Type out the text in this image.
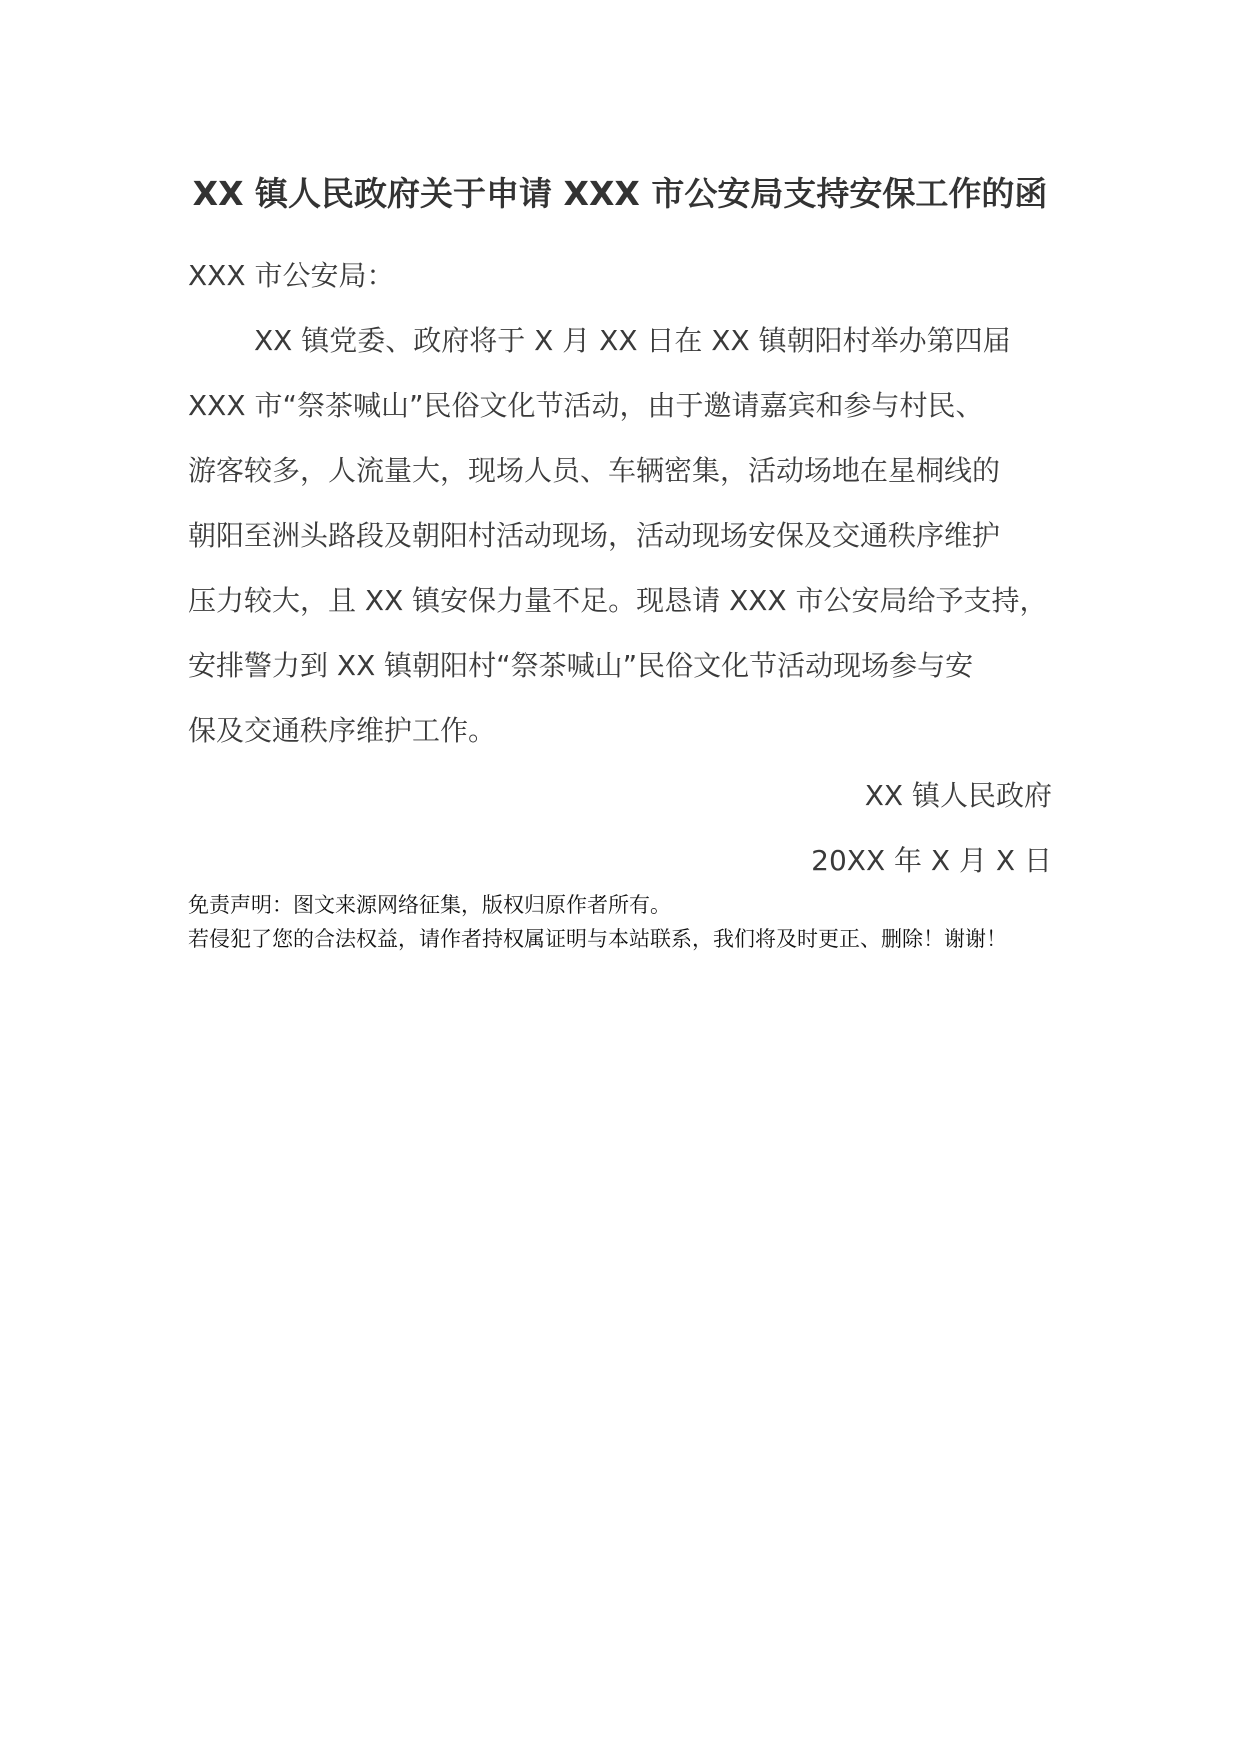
XX 镇人民政府关于申请 XXX 市公安局支持安保工作的函
XXX 市公安局：
XX 镇党委、政府将于 X 月 XX 日在 XX 镇朝阳村举办第四届
XXX 市“祭茶喊山”民俗文化节活动，由于邀请嘉宾和参与村民、
游客较多，人流量大，现场人员、车辆密集，活动场地在星桐线的
朝阳至洲头路段及朝阳村活动现场，活动现场安保及交通秩序维护
压力较大，且 XX 镇安保力量不足。现恳请 XXX 市公安局给予支持，
安排警力到 XX 镇朝阳村“祭茶喊山”民俗文化节活动现场参与安
保及交通秩序维护工作。
XX 镇人民政府
20XX 年 X 月 X 日
免责声明：图文来源网络征集，版权归原作者所有。
若侵犯了您的合法权益，请作者持权属证明与本站联系，我们将及时更正、删除！谢谢！
